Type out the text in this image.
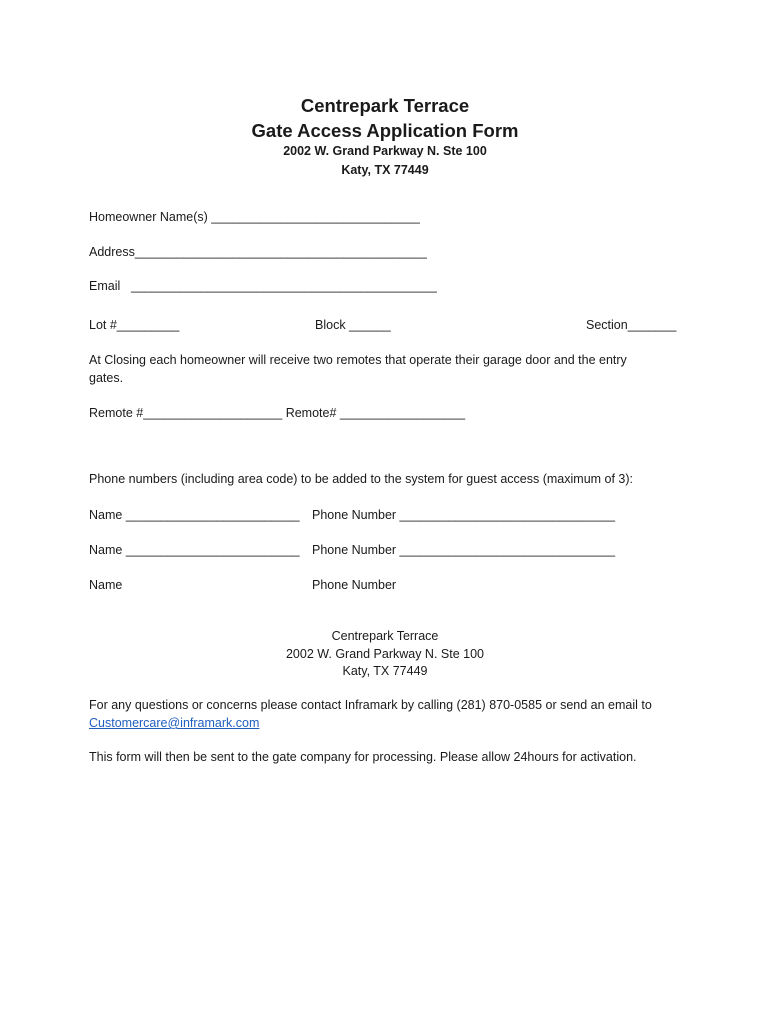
Centrepark Terrace
Gate Access Application Form
2002 W. Grand Parkway N. Ste 100
Katy, TX 77449
Homeowner Name(s) ______________________________
Address__________________________________________
Email ____________________________________________
Lot #_________	Block ______	Section_______
At Closing each homeowner will receive two remotes that operate their garage door and the entry gates.
Remote #____________________ Remote# __________________
Phone numbers (including area code) to be added to the system for guest access (maximum of 3):
Name _________________________ Phone Number _______________________________
Name _________________________ Phone Number _______________________________
Name	Phone Number
Centrepark Terrace
2002 W. Grand Parkway N. Ste 100
Katy, TX 77449
For any questions or concerns please contact Inframark by calling (281) 870-0585 or send an email to
Customercare@inframark.com
This form will then be sent to the gate company for processing. Please allow 24hours for activation.
